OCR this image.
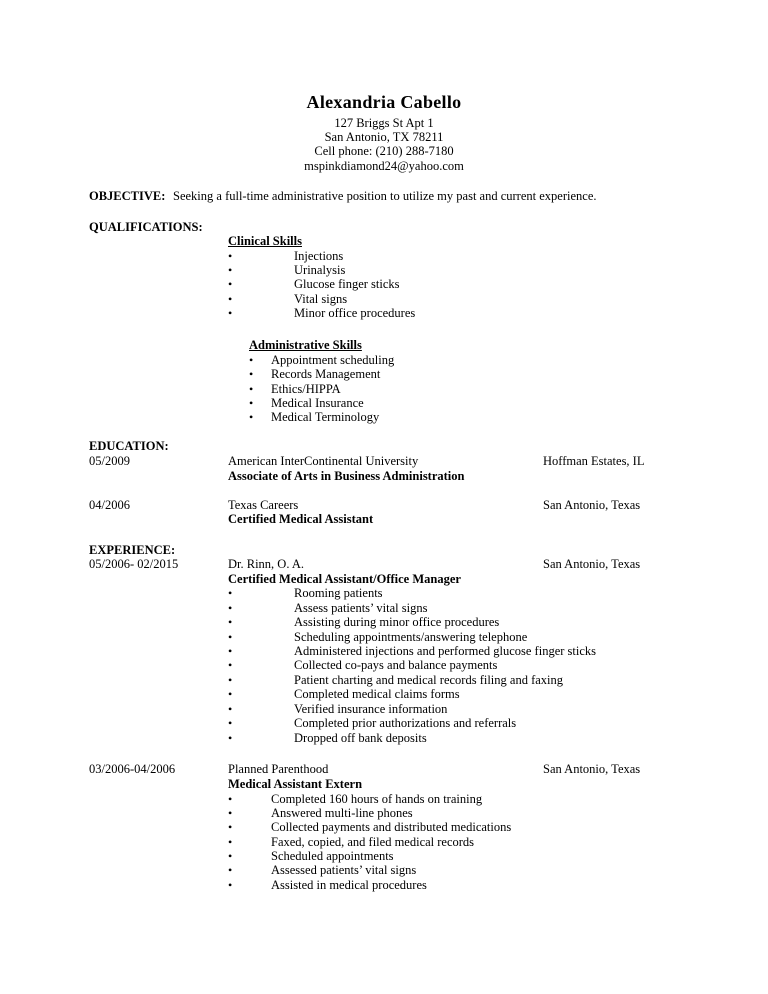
Alexandria Cabello
127 Briggs St Apt 1
San Antonio, TX 78211
Cell phone: (210) 288-7180
mspinkdiamond24@yahoo.com
OBJECTIVE: Seeking a full-time administrative position to utilize my past and current experience.
QUALIFICATIONS:
Clinical Skills
•	Injections
•	Urinalysis
•	Glucose finger sticks
•	Vital signs
•	Minor office procedures
Administrative Skills
• Appointment scheduling
• Records Management
• Ethics/HIPPA
• Medical Insurance
• Medical Terminology
EDUCATION:
05/2009	American InterContinental University	Hoffman Estates, IL
Associate of Arts in Business Administration
04/2006	Texas Careers	San Antonio, Texas
Certified Medical Assistant
EXPERIENCE:
05/2006- 02/2015	Dr. Rinn, O. A.	San Antonio, Texas
Certified Medical Assistant/Office Manager
•	Rooming patients
•	Assess patients’ vital signs
•	Assisting during minor office procedures
•	Scheduling appointments/answering telephone
•	Administered injections and performed glucose finger sticks
•	Collected co-pays and balance payments
•	Patient charting and medical records filing and faxing
•	Completed medical claims forms
•	Verified insurance information
•	Completed prior authorizations and referrals
•	Dropped off bank deposits
03/2006-04/2006	Planned Parenthood	San Antonio, Texas
Medical Assistant Extern
•	Completed 160 hours of hands on training
•	Answered multi-line phones
•	Collected payments and distributed medications
•	Faxed, copied, and filed medical records
•	Scheduled appointments
•	Assessed patients’ vital signs
•	Assisted in medical procedures
